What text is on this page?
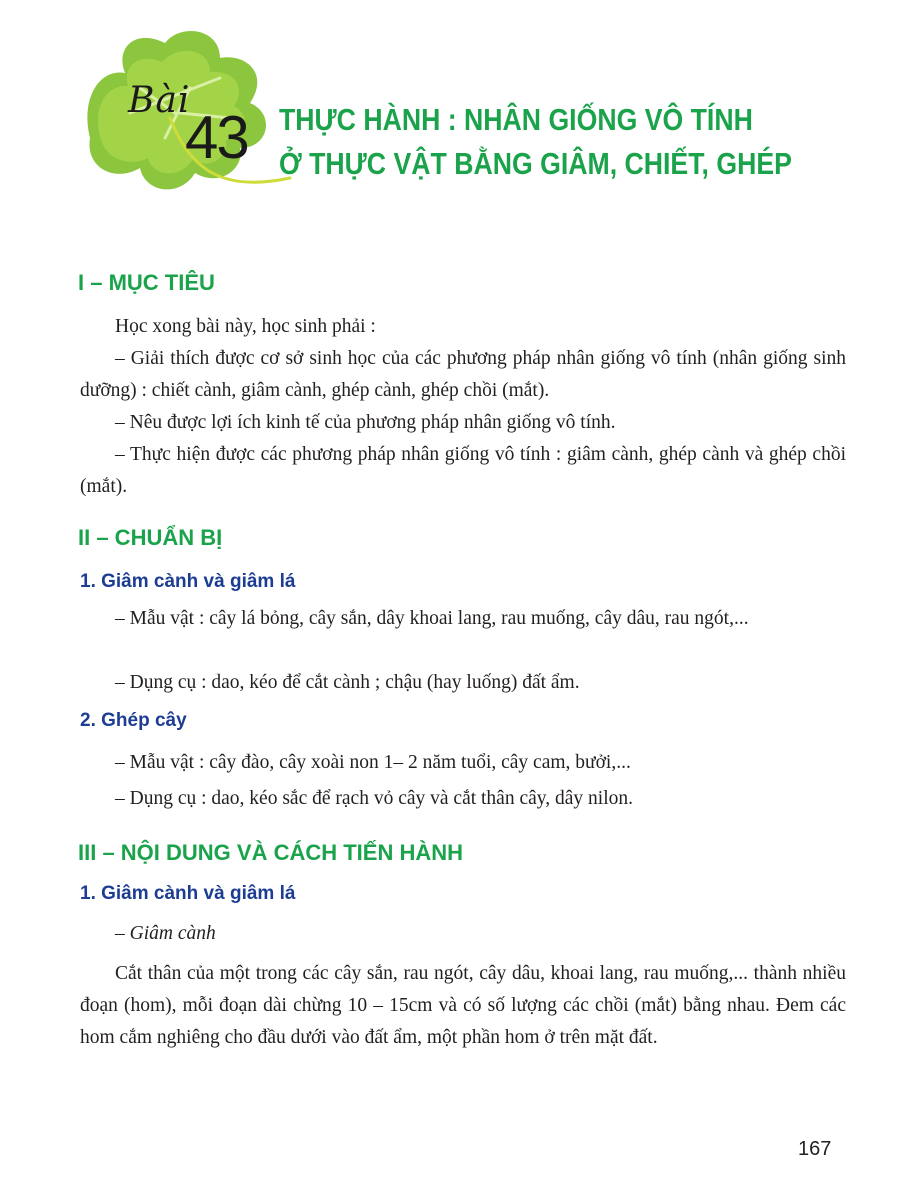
Bài
43 THỰC HÀNH : NHÂN GIỐNG VÔ TÍNH
Ở THỰC VẬT BẰNG GIÂM, CHIẾT, GHÉP
I – MỤC TIÊU

Học xong bài này, học sinh phải :

– Giải thích được cơ sở sinh học của các phương pháp nhân giống vô tính (nhân giống sinh dưỡng) : chiết cành, giâm cành, ghép cành, ghép chồi (mắt).

– Nêu được lợi ích kinh tế của phương pháp nhân giống vô tính.

– Thực hiện được các phương pháp nhân giống vô tính : giâm cành, ghép cành và ghép chồi (mắt).

II – CHUẨN BỊ
1. Giâm cành và giâm lá

– Mẫu vật : cây lá bỏng, cây sắn, dây khoai lang, rau muống, cây dâu, rau ngót,...

– Dụng cụ : dao, kéo để cắt cành ; chậu (hay luống) đất ẩm.

2. Ghép cây

– Mẫu vật : cây đào, cây xoài non 1– 2 năm tuổi, cây cam, bưởi,...

– Dụng cụ : dao, kéo sắc để rạch vỏ cây và cắt thân cây, dây nilon.

III – NỘI DUNG VÀ CÁCH TIẾN HÀNH
1. Giâm cành và giâm lá

– Giâm cành

Cắt thân của một trong các cây sắn, rau ngót, cây dâu, khoai lang, rau muống,... thành nhiều đoạn (hom), mỗi đoạn dài chừng 10 – 15cm và có số lượng các chồi (mắt) bằng nhau. Đem các hom cắm nghiêng cho đầu dưới vào đất ẩm, một phần hom ở trên mặt đất.

167
